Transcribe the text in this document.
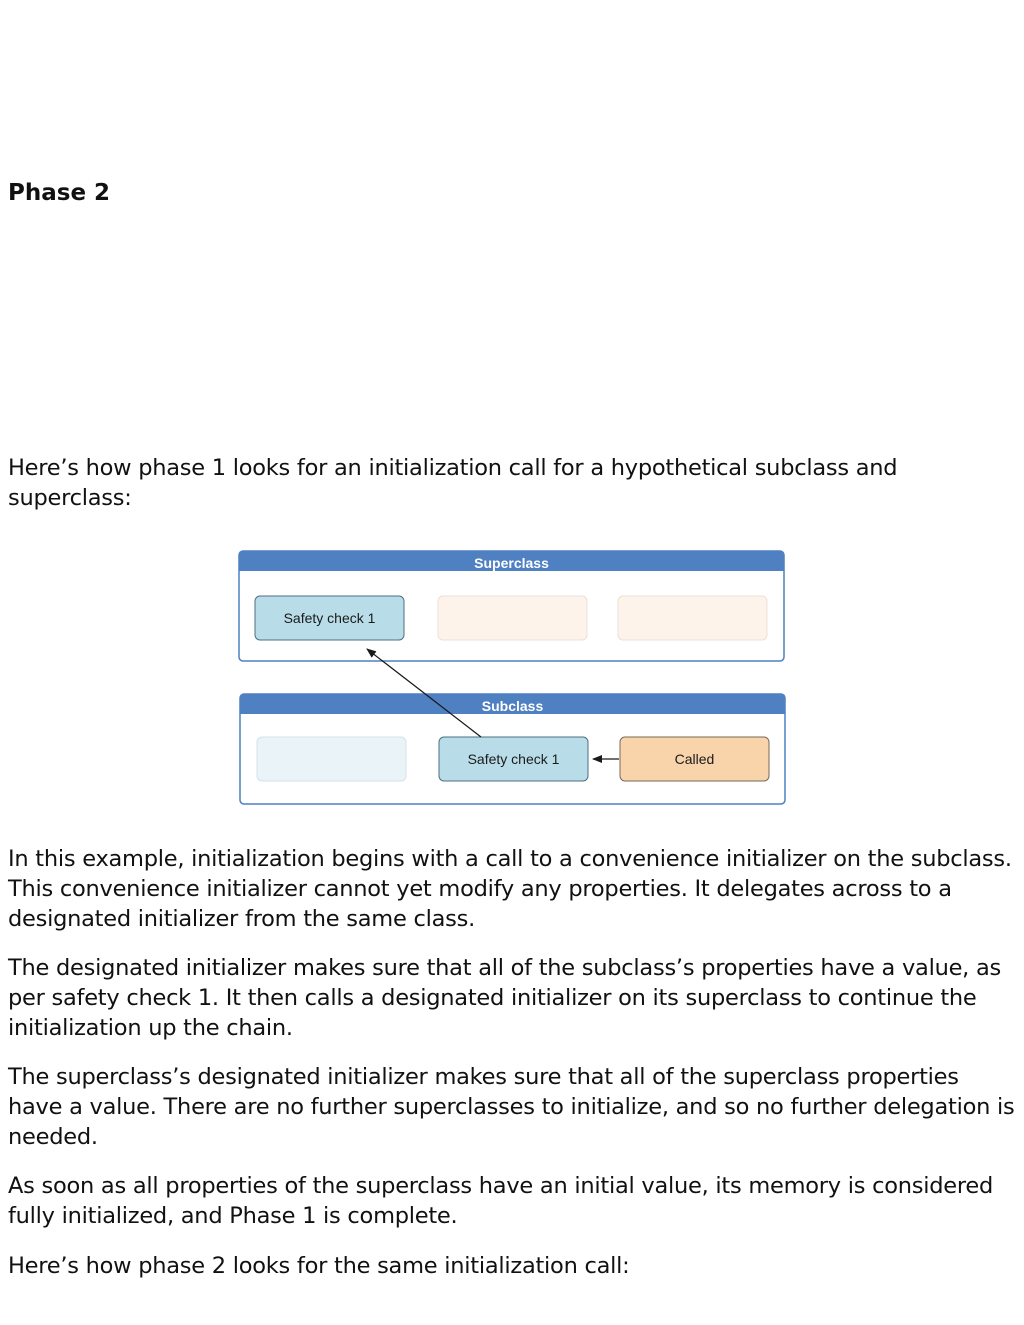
Phase 2

Here’s how phase 1 looks for an initialization call for a hypothetical subclass and superclass:

Superclass
Safety check 1
Subclass
Safety check 1	Called

In this example, initialization begins with a call to a convenience initializer on the subclass. This convenience initializer cannot yet modify any properties. It delegates across to a designated initializer from the same class.

The designated initializer makes sure that all of the subclass’s properties have a value, as per safety check 1. It then calls a designated initializer on its superclass to continue the initialization up the chain.

The superclass’s designated initializer makes sure that all of the superclass properties have a value. There are no further superclasses to initialize, and so no further delegation is needed.

As soon as all properties of the superclass have an initial value, its memory is considered fully initialized, and Phase 1 is complete.

Here’s how phase 2 looks for the same initialization call:
